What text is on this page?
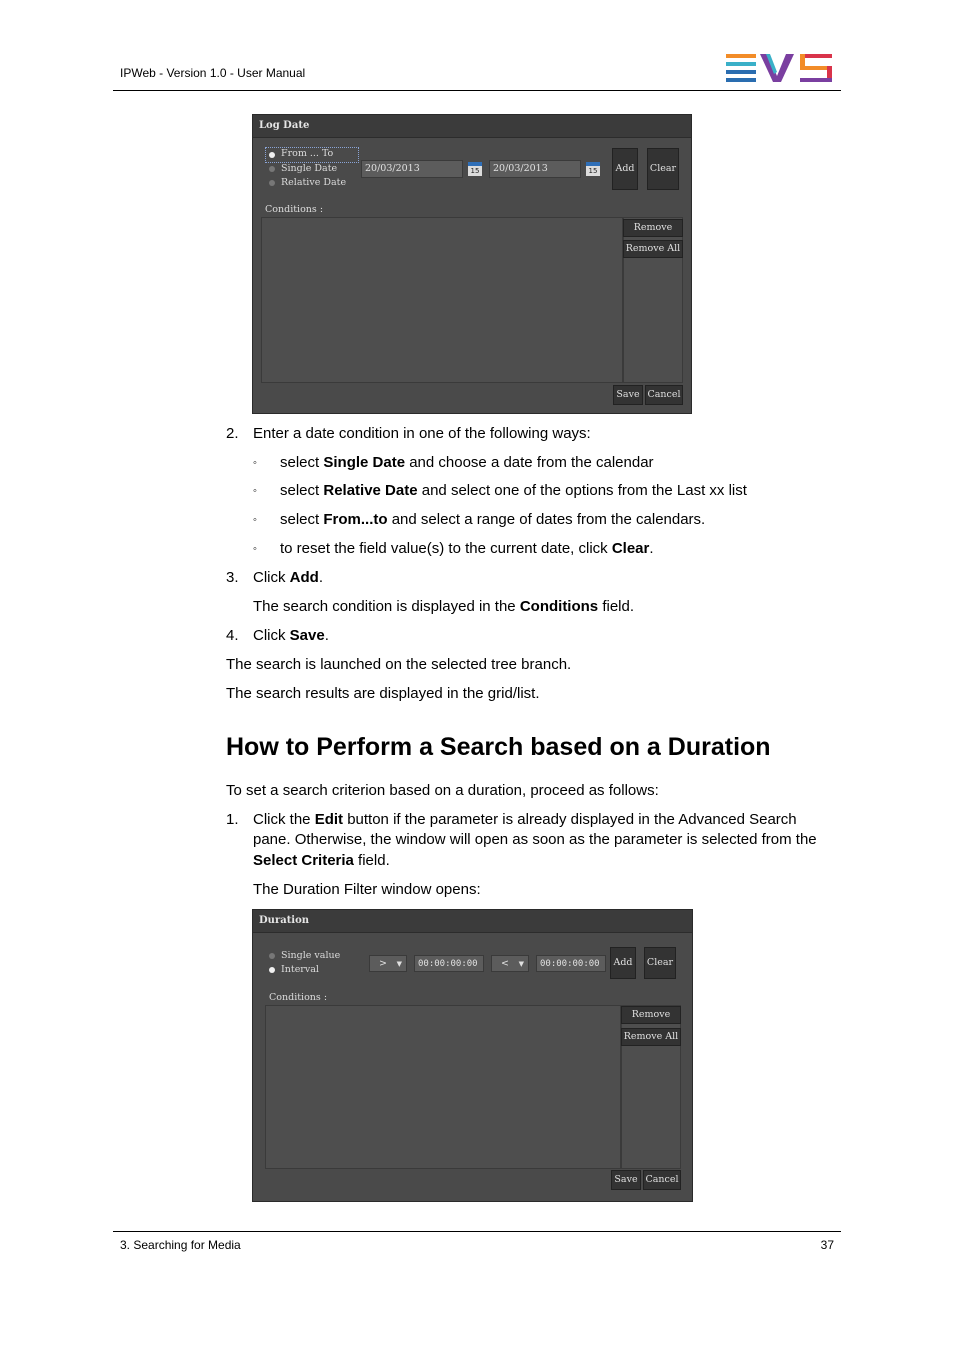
IPWeb - Version 1.0 - User Manual
Log Date
From ... To
Single Date
Relative Date
20/03/2013	15	20/03/2013	15	Add	Clear
Conditions :
Remove
Remove All
Save Cancel
2. Enter a date condition in one of the following ways:
◦ select Single Date and choose a date from the calendar
◦ select Relative Date and select one of the options from the Last xx list
◦ select From...to and select a range of dates from the calendars.
◦ to reset the field value(s) to the current date, click Clear.
3. Click Add.
The search condition is displayed in the Conditions field.
4. Click Save.
The search is launched on the selected tree branch.
The search results are displayed in the grid/list.
How to Perform a Search based on a Duration
To set a search criterion based on a duration, proceed as follows:
1. Click the Edit button if the parameter is already displayed in the Advanced Search
pane. Otherwise, the window will open as soon as the parameter is selected from the
Select Criteria field.
The Duration Filter window opens:
Duration
Single value
Interval
> ▼	00:00:00:00	< ▼	00:00:00:00	Add	Clear
Conditions :
Remove
Remove All
Save Cancel
3. Searching for Media	37
